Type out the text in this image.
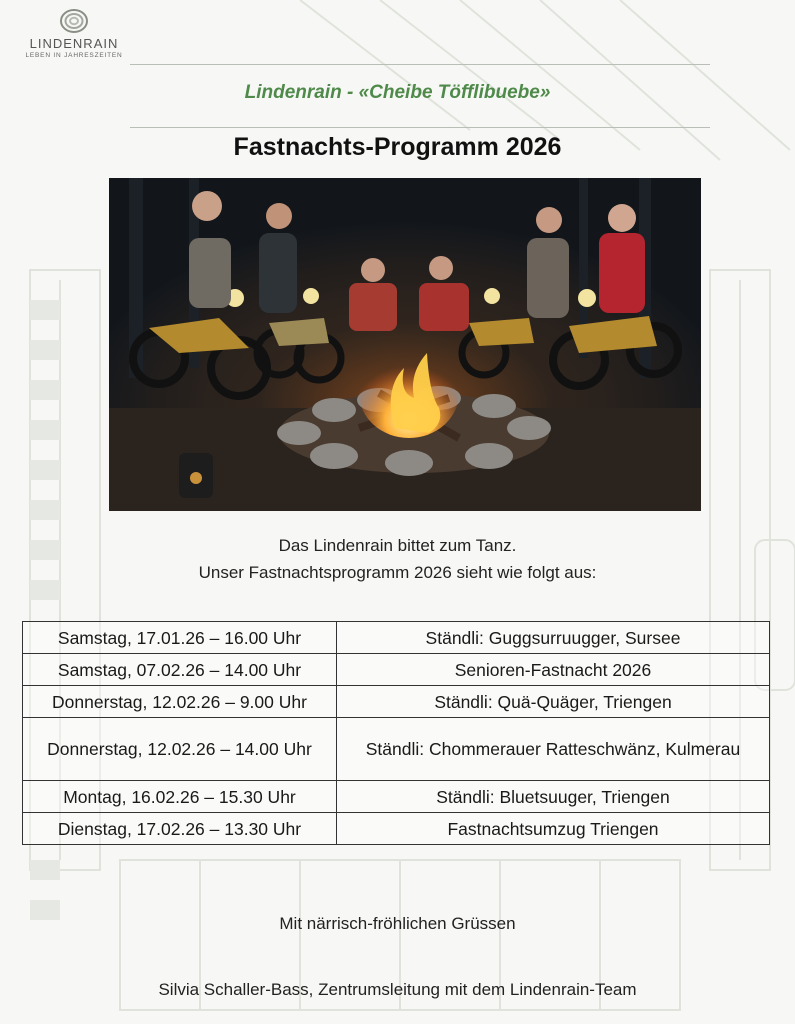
LINDENRAIN
LEBEN IN JAHRESZEITEN
Lindenrain - «Cheibe Töfflibuebe»
Fastnachts-Programm 2026
Das Lindenrain bittet zum Tanz.
Unser Fastnachtsprogramm 2026 sieht wie folgt aus:
Samstag, 17.01.26 – 16.00 Uhr	Ständli: Guggsurruugger, Sursee
Samstag, 07.02.26 – 14.00 Uhr	Senioren-Fastnacht 2026
Donnerstag, 12.02.26 – 9.00 Uhr	Ständli: Quä-Quäger, Triengen
Donnerstag, 12.02.26 – 14.00 Uhr	Ständli: Chommerauer Ratteschwänz, Kulmerau
Montag, 16.02.26 – 15.30 Uhr	Ständli: Bluetsuuger, Triengen
Dienstag, 17.02.26 – 13.30 Uhr	Fastnachtsumzug Triengen
Mit närrisch-fröhlichen Grüssen
Silvia Schaller-Bass, Zentrumsleitung mit dem Lindenrain-Team
